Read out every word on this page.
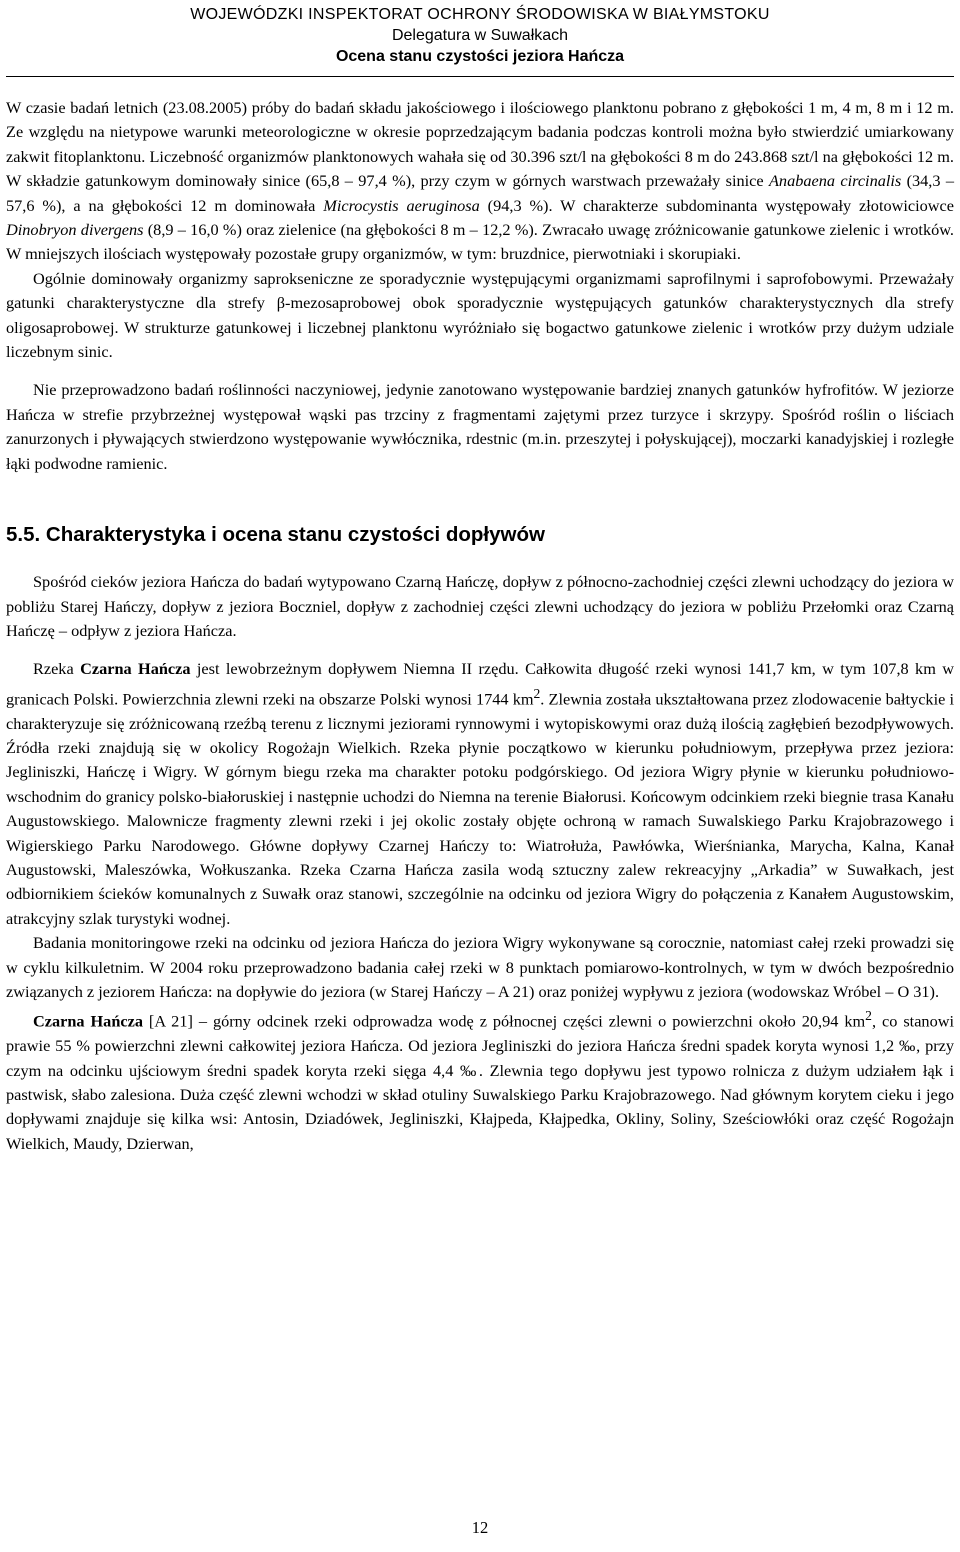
WOJEWÓDZKI INSPEKTORAT OCHRONY ŚRODOWISKA W BIAŁYMSTOKU
Delegatura w Suwałkach
Ocena stanu czystości jeziora Hańcza

W czasie badań letnich (23.08.2005) próby do badań składu jakościowego i ilościowego planktonu pobrano z głębokości 1 m, 4 m, 8 m i 12 m. Ze względu na nietypowe warunki meteorologiczne w okresie poprzedzającym badania podczas kontroli można było stwierdzić umiarkowany zakwit fitoplanktonu. Liczebność organizmów planktonowych wahała się od 30.396 szt/l na głębokości 8 m do 243.868 szt/l na głębokości 12 m. W składzie gatunkowym dominowały sinice (65,8 – 97,4 %), przy czym w górnych warstwach przeważały sinice Anabaena circinalis (34,3 – 57,6 %), a na głębokości 12 m dominowała Microcystis aeruginosa (94,3 %). W charakterze subdominanta występowały złotowiciowce Dinobryon divergens (8,9 – 16,0 %) oraz zielenice (na głębokości 8 m – 12,2 %). Zwracało uwagę zróżnicowanie gatunkowe zielenic i wrotków. W mniejszych ilościach występowały pozostałe grupy organizmów, w tym: bruzdnice, pierwotniaki i skorupiaki.

Ogólnie dominowały organizmy saprokseniczne ze sporadycznie występującymi organizmami saprofilnymi i saprofobowymi. Przeważały gatunki charakterystyczne dla strefy β-mezosaprobowej obok sporadycznie występujących gatunków charakterystycznych dla strefy oligosaprobowej. W strukturze gatunkowej i liczebnej planktonu wyróżniało się bogactwo gatunkowe zielenic i wrotków przy dużym udziale liczebnym sinic.

Nie przeprowadzono badań roślinności naczyniowej, jedynie zanotowano występowanie bardziej znanych gatunków hyfrofitów. W jeziorze Hańcza w strefie przybrzeżnej występował wąski pas trzciny z fragmentami zajętymi przez turzyce i skrzypy. Spośród roślin o liściach zanurzonych i pływających stwierdzono występowanie wywłócznika, rdestnic (m.in. przeszytej i połyskującej), moczarki kanadyjskiej i rozległe łąki podwodne ramienic.

5.5. Charakterystyka i ocena stanu czystości dopływów

Spośród cieków jeziora Hańcza do badań wytypowano Czarną Hańczę, dopływ z północno-zachodniej części zlewni uchodzący do jeziora w pobliżu Starej Hańczy, dopływ z jeziora Boczniel, dopływ z zachodniej części zlewni uchodzący do jeziora w pobliżu Przełomki oraz Czarną Hańczę – odpływ z jeziora Hańcza.

Rzeka Czarna Hańcza jest lewobrzeżnym dopływem Niemna II rzędu. Całkowita długość rzeki wynosi 141,7 km, w tym 107,8 km w granicach Polski. Powierzchnia zlewni rzeki na obszarze Polski wynosi 1744 $km^2$. Zlewnia została ukształtowana przez zlodowacenie bałtyckie i charakteryzuje się zróżnicowaną rzeźbą terenu z licznymi jeziorami rynnowymi i wytopiskowymi oraz dużą ilością zagłębień bezodpływowych. Źródła rzeki znajdują się w okolicy Rogożajn Wielkich. Rzeka płynie początkowo w kierunku południowym, przepływa przez jeziora: Jegliniszki, Hańczę i Wigry. W górnym biegu rzeka ma charakter potoku podgórskiego. Od jeziora Wigry płynie w kierunku południowo-wschodnim do granicy polsko-białoruskiej i następnie uchodzi do Niemna na terenie Białorusi. Końcowym odcinkiem rzeki biegnie trasa Kanału Augustowskiego. Malownicze fragmenty zlewni rzeki i jej okolic zostały objęte ochroną w ramach Suwalskiego Parku Krajobrazowego i Wigierskiego Parku Narodowego. Główne dopływy Czarnej Hańczy to: Wiatrołuża, Pawłówka, Wierśnianka, Marycha, Kalna, Kanał Augustowski, Maleszówka, Wołkuszanka. Rzeka Czarna Hańcza zasila wodą sztuczny zalew rekreacyjny „Arkadia” w Suwałkach, jest odbiornikiem ścieków komunalnych z Suwałk oraz stanowi, szczególnie na odcinku od jeziora Wigry do połączenia z Kanałem Augustowskim, atrakcyjny szlak turystyki wodnej.

Badania monitoringowe rzeki na odcinku od jeziora Hańcza do jeziora Wigry wykonywane są corocznie, natomiast całej rzeki prowadzi się w cyklu kilkuletnim. W 2004 roku przeprowadzono badania całej rzeki w 8 punktach pomiarowo-kontrolnych, w tym w dwóch bezpośrednio związanych z jeziorem Hańcza: na dopływie do jeziora (w Starej Hańczy – A 21) oraz poniżej wypływu z jeziora (wodowskaz Wróbel – O 31).

Czarna Hańcza [A 21] – górny odcinek rzeki odprowadza wodę z północnej części zlewni o powierzchni około 20,94 $km^2$, co stanowi prawie 55 % powierzchni zlewni całkowitej jeziora Hańcza. Od jeziora Jegliniszki do jeziora Hańcza średni spadek koryta wynosi 1,2 ‰, przy czym na odcinku ujściowym średni spadek koryta rzeki sięga 4,4 ‰. Zlewnia tego dopływu jest typowo rolnicza z dużym udziałem łąk i pastwisk, słabo zalesiona. Duża część zlewni wchodzi w skład otuliny Suwalskiego Parku Krajobrazowego. Nad głównym korytem cieku i jego dopływami znajduje się kilka wsi: Antosin, Dziadówek, Jegliniszki, Kłajpeda, Kłajpedka, Okliny, Soliny, Sześciowłóki oraz część Rogożajn Wielkich, Maudy, Dzierwan,

12
